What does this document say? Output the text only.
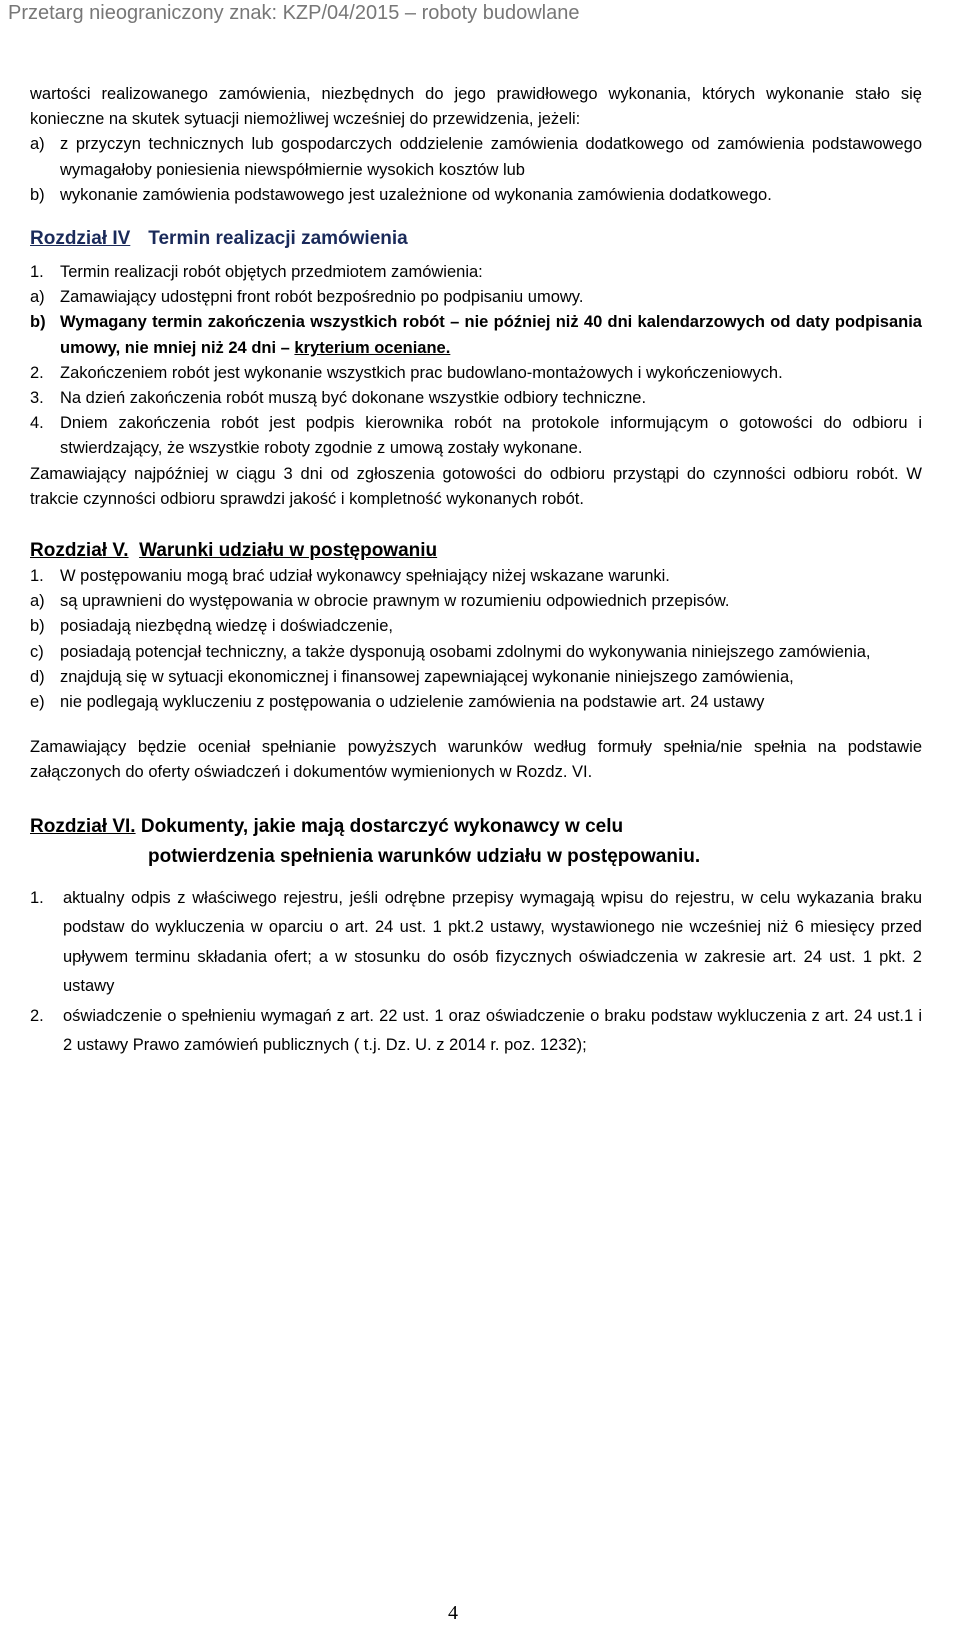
Przetarg nieograniczony znak: KZP/04/2015 – roboty budowlane

wartości realizowanego zamówienia, niezbędnych do jego prawidłowego wykonania, których wykonanie stało się konieczne na skutek sytuacji niemożliwej wcześniej do przewidzenia, jeżeli:

a) z przyczyn technicznych lub gospodarczych oddzielenie zamówienia dodatkowego od zamówienia podstawowego wymagałoby poniesienia niewspółmiernie wysokich kosztów lub
b) wykonanie zamówienia podstawowego jest uzależnione od wykonania zamówienia dodatkowego.
Rozdział IV Termin realizacji zamówienia
1. Termin realizacji robót objętych przedmiotem zamówienia:
a) Zamawiający udostępni front robót bezpośrednio po podpisaniu umowy.
b) Wymagany termin zakończenia wszystkich robót – nie później niż 40 dni kalendarzowych od daty podpisania umowy, nie mniej niż 24 dni – kryterium oceniane.
2. Zakończeniem robót jest wykonanie wszystkich prac budowlano-montażowych i wykończeniowych.
3. Na dzień zakończenia robót muszą być dokonane wszystkie odbiory techniczne.
4. Dniem zakończenia robót jest podpis kierownika robót na protokole informującym o gotowości do odbioru i stwierdzający, że wszystkie roboty zgodnie z umową zostały wykonane.

Zamawiający najpóźniej w ciągu 3 dni od zgłoszenia gotowości do odbioru przystąpi do czynności odbioru robót. W trakcie czynności odbioru sprawdzi jakość i kompletność wykonanych robót.

Rozdział V. Warunki udziału w postępowaniu
1. W postępowaniu mogą brać udział wykonawcy spełniający niżej wskazane warunki.
a) są uprawnieni do występowania w obrocie prawnym w rozumieniu odpowiednich przepisów.
b) posiadają niezbędną wiedzę i doświadczenie,
c) posiadają potencjał techniczny, a także dysponują osobami zdolnymi do wykonywania niniejszego zamówienia,
d) znajdują się w sytuacji ekonomicznej i finansowej zapewniającej wykonanie niniejszego zamówienia,
e) nie podlegają wykluczeniu z postępowania o udzielenie zamówienia na podstawie art. 24 ustawy

Zamawiający będzie oceniał spełnianie powyższych warunków według formuły spełnia/nie spełnia na podstawie załączonych do oferty oświadczeń i dokumentów wymienionych w Rozdz. VI.

Rozdział VI. Dokumenty, jakie mają dostarczyć wykonawcy w celu
potwierdzenia spełnienia warunków udziału w postępowaniu.
1. aktualny odpis z właściwego rejestru, jeśli odrębne przepisy wymagają wpisu do rejestru, w celu wykazania braku podstaw do wykluczenia w oparciu o art. 24 ust. 1 pkt.2 ustawy, wystawionego nie wcześniej niż 6 miesięcy przed upływem terminu składania ofert; a w stosunku do osób fizycznych oświadczenia w zakresie art. 24 ust. 1 pkt. 2 ustawy
2. oświadczenie o spełnieniu wymagań z art. 22 ust. 1 oraz oświadczenie o braku podstaw wykluczenia z art. 24 ust.1 i 2 ustawy Prawo zamówień publicznych ( t.j. Dz. U. z 2014 r. poz. 1232);
4
